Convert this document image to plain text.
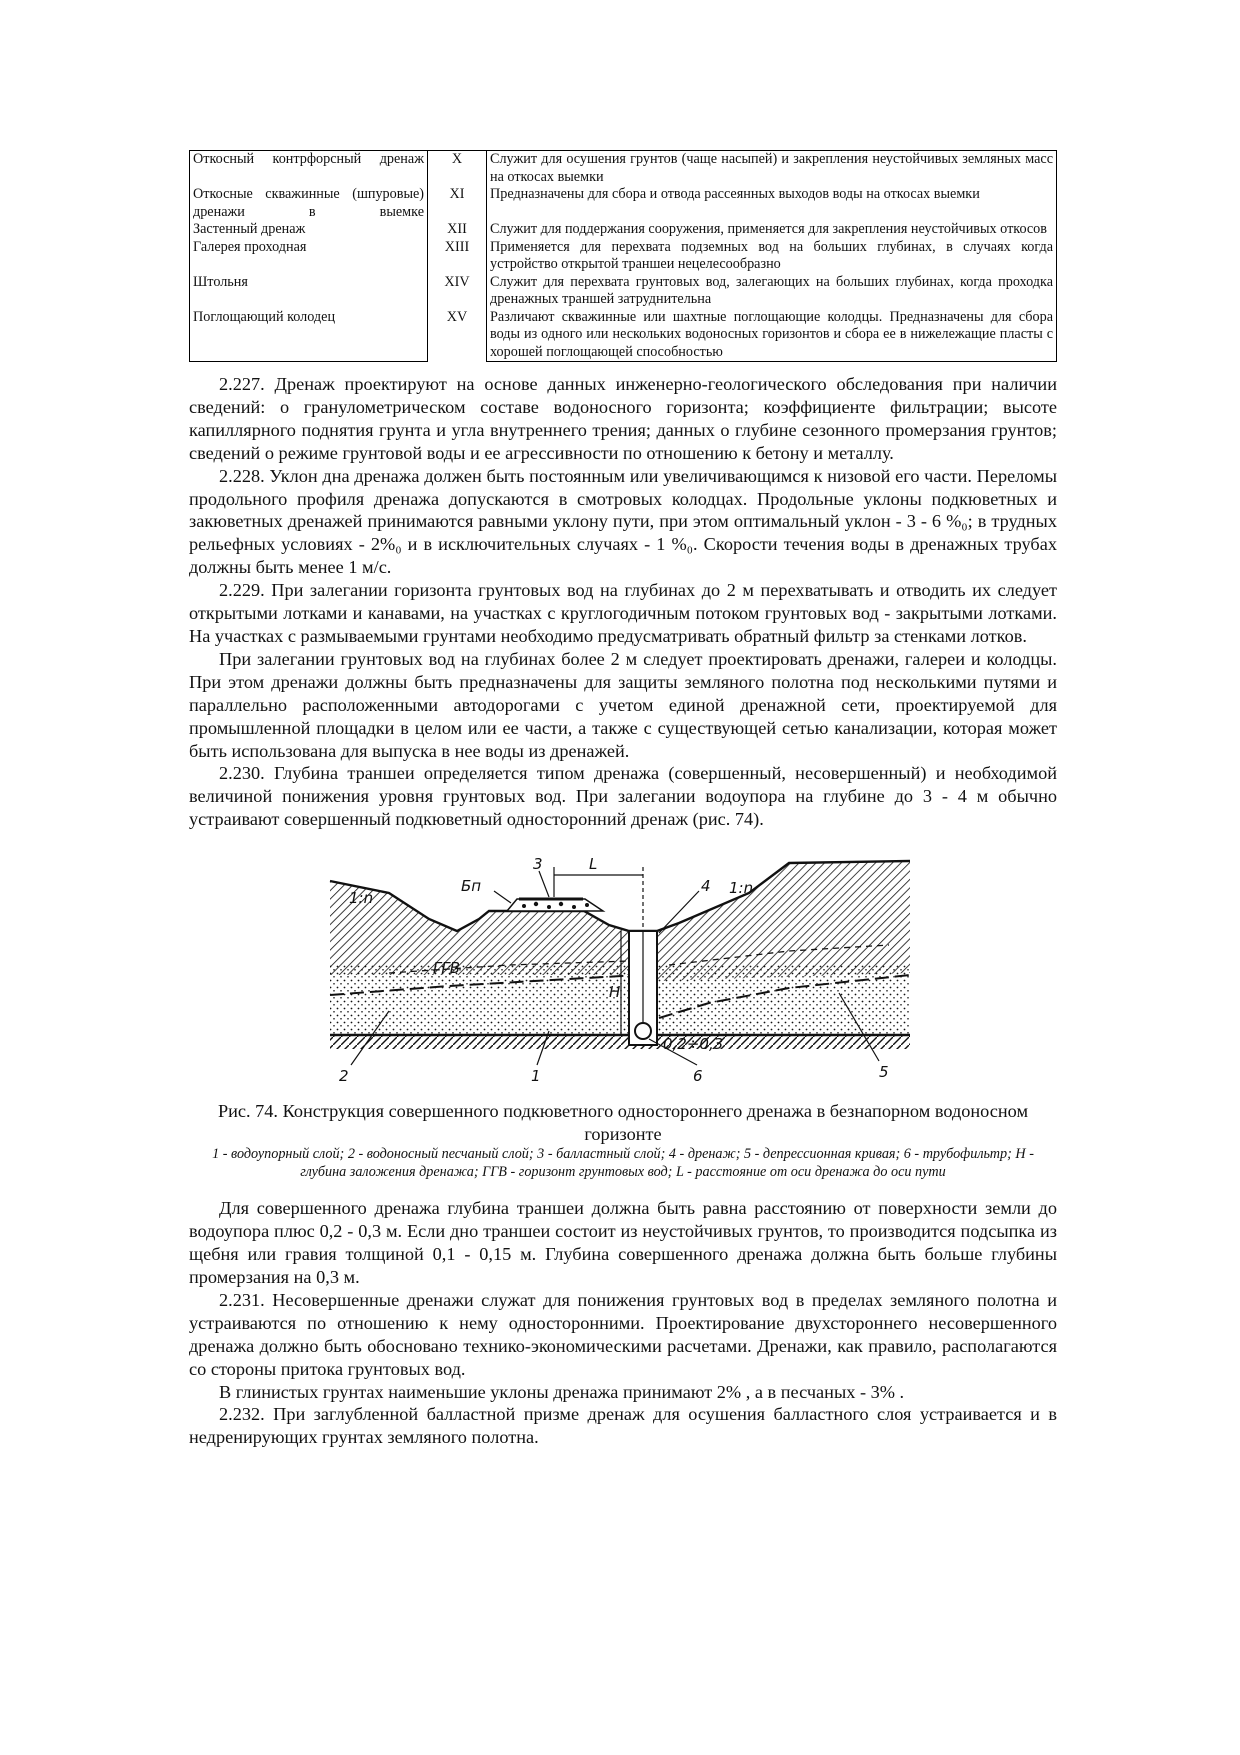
Откосный контрфорсный дренаж	X	Служит для осушения грунтов (чаще насыпей) и закрепления неустойчивых земляных масс на откосах выемки
Откосные скважинные (шпуровые) дренажи в выемке	XI	Предназначены для сбора и отвода рассеянных выходов воды на откосах выемки
Застенный дренаж	XII	Служит для поддержания сооружения, применяется для закрепления неустойчивых откосов
Галерея проходная	XIII	Применяется для перехвата подземных вод на больших глубинах, в случаях когда устройство открытой траншеи нецелесообразно
Штольня	XIV	Служит для перехвата грунтовых вод, залегающих на больших глубинах, когда проходка дренажных траншей затруднительна
Поглощающий колодец	XV	Различают скважинные или шахтные поглощающие колодцы. Предназначены для сбора воды из одного или нескольких водоносных горизонтов и сбора ее в нижележащие пласты с хорошей поглощающей способностью

2.227. Дренаж проектируют на основе данных инженерно-геологического обследования при наличии сведений: о гранулометрическом составе водоносного горизонта; коэффициенте фильтрации; высоте капиллярного поднятия грунта и угла внутреннего трения; данных о глубине сезонного промерзания грунтов; сведений о режиме грунтовой воды и ее агрессивности по отношению к бетону и металлу.

2.228. Уклон дна дренажа должен быть постоянным или увеличивающимся к низовой его части. Переломы продольного профиля дренажа допускаются в смотровых колодцах. Продольные уклоны подкюветных и закюветных дренажей принимаются равными уклону пути, при этом оптимальный уклон - 3 - 6 %₀; в трудных рельефных условиях - 2%₀ и в исключительных случаях - 1 %₀. Скорости течения воды в дренажных трубах должны быть менее 1 м/с.

2.229. При залегании горизонта грунтовых вод на глубинах до 2 м перехватывать и отводить их следует открытыми лотками и канавами, на участках с круглогодичным потоком грунтовых вод - закрытыми лотками. На участках с размываемыми грунтами необходимо предусматривать обратный фильтр за стенками лотков.

При залегании грунтовых вод на глубинах более 2 м следует проектировать дренажи, галереи и колодцы. При этом дренажи должны быть предназначены для защиты земляного полотна под несколькими путями и параллельно расположенными автодорогами с учетом единой дренажной сети, проектируемой для промышленной площадки в целом или ее части, а также с существующей сетью канализации, которая может быть использована для выпуска в нее воды из дренажей.

2.230. Глубина траншеи определяется типом дренажа (совершенный, несовершенный) и необходимой величиной понижения уровня грунтовых вод. При залегании водоупора на глубине до 3 - 4 м обычно устраивают совершенный подкюветный односторонний дренаж (рис. 74).

1:n
Бп
3	L
4 1:n
ГГВ
H
0,2÷0,3
2	1	6	5
Рис. 74. Конструкция совершенного подкюветного одностороннего дренажа в безнапорном водоносном горизонте
1 - водоупорный слой; 2 - водоносный песчаный слой; 3 - балластный слой; 4 - дренаж; 5 - депрессионная кривая; 6 - трубофильтр; Н - глубина заложения дренажа; ГГВ - горизонт грунтовых вод; L - расстояние от оси дренажа до оси пути

Для совершенного дренажа глубина траншеи должна быть равна расстоянию от поверхности земли до водоупора плюс 0,2 - 0,3 м. Если дно траншеи состоит из неустойчивых грунтов, то производится подсыпка из щебня или гравия толщиной 0,1 - 0,15 м. Глубина совершенного дренажа должна быть больше глубины промерзания на 0,3 м.

2.231. Несовершенные дренажи служат для понижения грунтовых вод в пределах земляного полотна и устраиваются по отношению к нему односторонними. Проектирование двухстороннего несовершенного дренажа должно быть обосновано технико-экономическими расчетами. Дренажи, как правило, располагаются со стороны притока грунтовых вод.

В глинистых грунтах наименьшие уклоны дренажа принимают 2% , а в песчаных - 3% .

2.232. При заглубленной балластной призме дренаж для осушения балластного слоя устраивается и в недренирующих грунтах земляного полотна.
